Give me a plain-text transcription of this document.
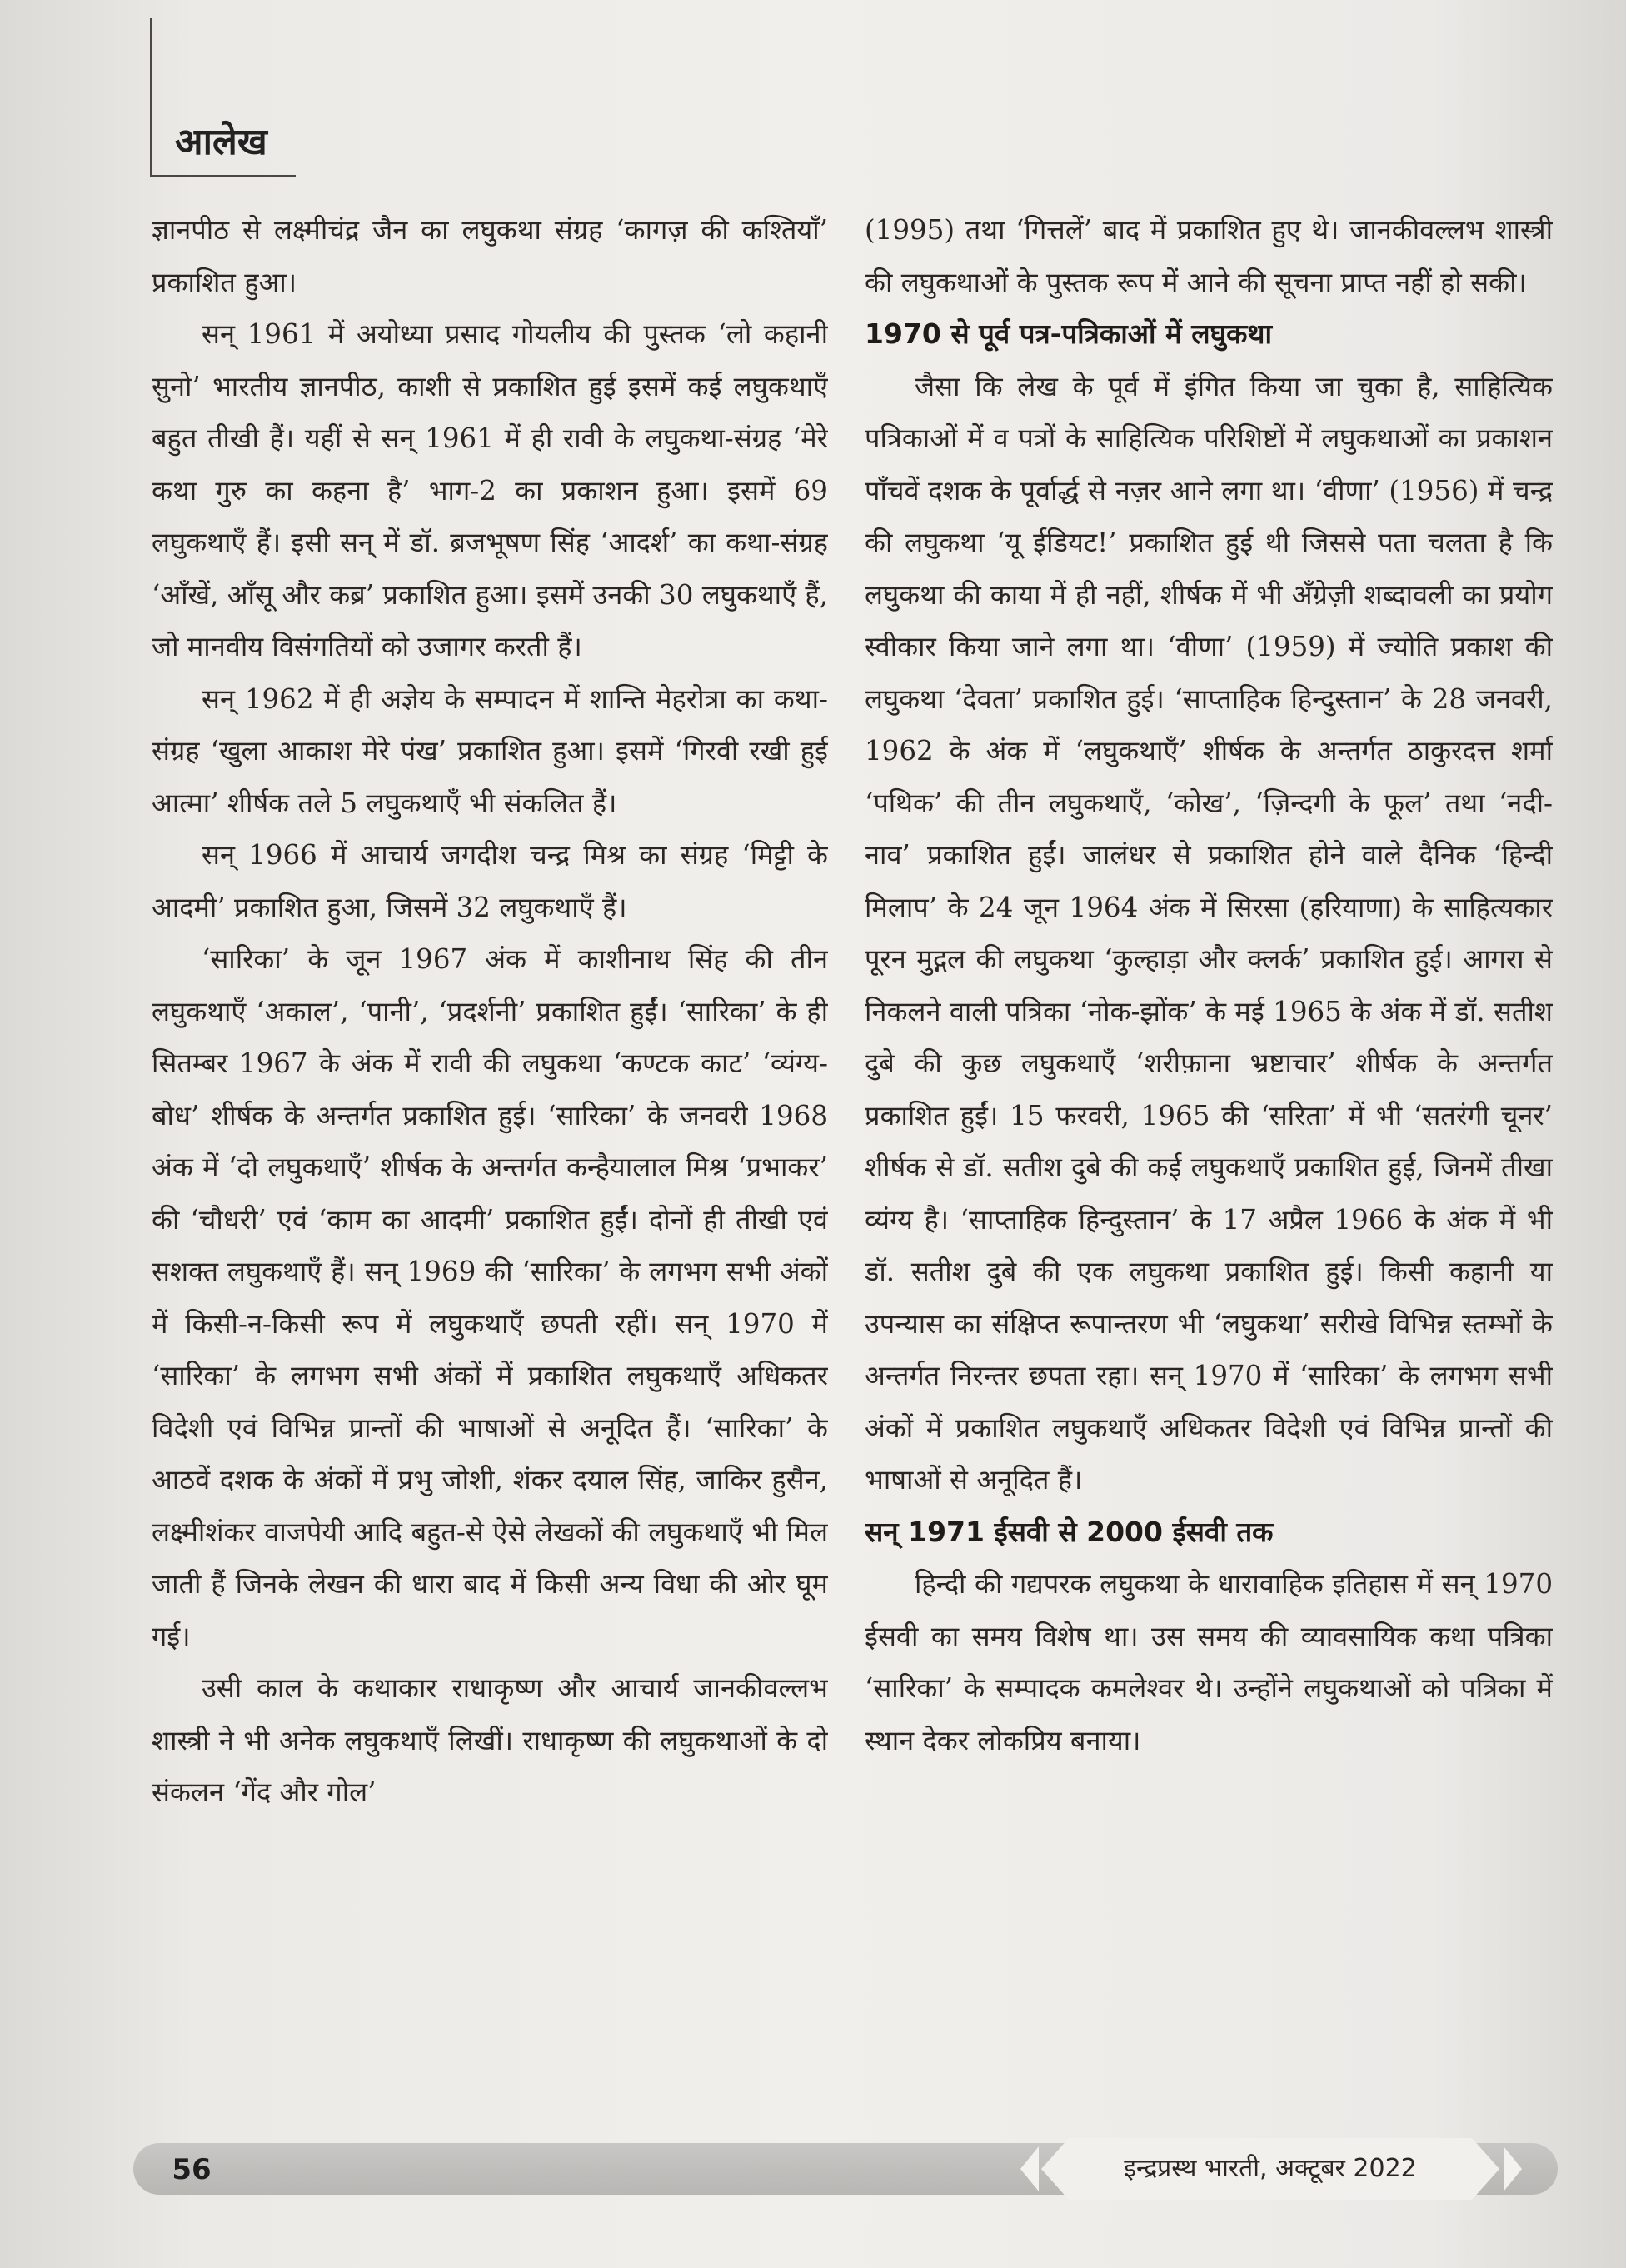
आलेख

ज्ञानपीठ से लक्ष्मीचंद्र जैन का लघुकथा संग्रह ‘कागज़ की कश्तियाँ’ प्रकाशित हुआ।

सन् 1961 में अयोध्या प्रसाद गोयलीय की पुस्तक ‘लो कहानी सुनो’ भारतीय ज्ञानपीठ, काशी से प्रकाशित हुई इसमें कई लघुकथाएँ बहुत तीखी हैं। यहीं से सन् 1961 में ही रावी के लघुकथा-संग्रह ‘मेरे कथा गुरु का कहना है’ भाग-2 का प्रकाशन हुआ। इसमें 69 लघुकथाएँ हैं। इसी सन् में डॉ. ब्रजभूषण सिंह ‘आदर्श’ का कथा-संग्रह ‘आँखें, आँसू और कब्र’ प्रकाशित हुआ। इसमें उनकी 30 लघुकथाएँ हैं, जो मानवीय विसंगतियों को उजागर करती हैं।

सन् 1962 में ही अज्ञेय के सम्पादन में शान्ति मेहरोत्रा का कथा-संग्रह ‘खुला आकाश मेरे पंख’ प्रकाशित हुआ। इसमें ‘गिरवी रखी हुई आत्मा’ शीर्षक तले 5 लघुकथाएँ भी संकलित हैं।

सन् 1966 में आचार्य जगदीश चन्द्र मिश्र का संग्रह ‘मिट्टी के आदमी’ प्रकाशित हुआ, जिसमें 32 लघुकथाएँ हैं।

‘सारिका’ के जून 1967 अंक में काशीनाथ सिंह की तीन लघुकथाएँ ‘अकाल’, ‘पानी’, ‘प्रदर्शनी’ प्रकाशित हुईं। ‘सारिका’ के ही सितम्बर 1967 के अंक में रावी की लघुकथा ‘कण्टक काट’ ‘व्यंग्य-बोध’ शीर्षक के अन्तर्गत प्रकाशित हुई। ‘सारिका’ के जनवरी 1968 अंक में ‘दो लघुकथाएँ’ शीर्षक के अन्तर्गत कन्हैयालाल मिश्र ‘प्रभाकर’ की ‘चौधरी’ एवं ‘काम का आदमी’ प्रकाशित हुईं। दोनों ही तीखी एवं सशक्त लघुकथाएँ हैं। सन् 1969 की ‘सारिका’ के लगभग सभी अंकों में किसी-न-किसी रूप में लघुकथाएँ छपती रहीं। सन् 1970 में ‘सारिका’ के लगभग सभी अंकों में प्रकाशित लघुकथाएँ अधिकतर विदेशी एवं विभिन्न प्रान्तों की भाषाओं से अनूदित हैं। ‘सारिका’ के आठवें दशक के अंकों में प्रभु जोशी, शंकर दयाल सिंह, जाकिर हुसैन, लक्ष्मीशंकर वाजपेयी आदि बहुत-से ऐसे लेखकों की लघुकथाएँ भी मिल जाती हैं जिनके लेखन की धारा बाद में किसी अन्य विधा की ओर घूम गई।

उसी काल के कथाकार राधाकृष्ण और आचार्य जानकीवल्लभ शास्त्री ने भी अनेक लघुकथाएँ लिखीं। राधाकृष्ण की लघुकथाओं के दो संकलन ‘गेंद और गोल’

(1995) तथा ‘गित्तलें’ बाद में प्रकाशित हुए थे। जानकीवल्लभ शास्त्री की लघुकथाओं के पुस्तक रूप में आने की सूचना प्राप्त नहीं हो सकी।

1970 से पूर्व पत्र-पत्रिकाओं में लघुकथा

जैसा कि लेख के पूर्व में इंगित किया जा चुका है, साहित्यिक पत्रिकाओं में व पत्रों के साहित्यिक परिशिष्टों में लघुकथाओं का प्रकाशन पाँचवें दशक के पूर्वार्द्ध से नज़र आने लगा था। ‘वीणा’ (1956) में चन्द्र की लघुकथा ‘यू ईडियट!’ प्रकाशित हुई थी जिससे पता चलता है कि लघुकथा की काया में ही नहीं, शीर्षक में भी अँग्रेज़ी शब्दावली का प्रयोग स्वीकार किया जाने लगा था। ‘वीणा’ (1959) में ज्योति प्रकाश की लघुकथा ‘देवता’ प्रकाशित हुई। ‘साप्ताहिक हिन्दुस्तान’ के 28 जनवरी, 1962 के अंक में ‘लघुकथाएँ’ शीर्षक के अन्तर्गत ठाकुरदत्त शर्मा ‘पथिक’ की तीन लघुकथाएँ, ‘कोख’, ‘ज़िन्दगी के फूल’ तथा ‘नदी-नाव’ प्रकाशित हुईं। जालंधर से प्रकाशित होने वाले दैनिक ‘हिन्दी मिलाप’ के 24 जून 1964 अंक में सिरसा (हरियाणा) के साहित्यकार पूरन मुद्गल की लघुकथा ‘कुल्हाड़ा और क्लर्क’ प्रकाशित हुई। आगरा से निकलने वाली पत्रिका ‘नोक-झोंक’ के मई 1965 के अंक में डॉ. सतीश दुबे की कुछ लघुकथाएँ ‘शरीफ़ाना भ्रष्टाचार’ शीर्षक के अन्तर्गत प्रकाशित हुईं। 15 फरवरी, 1965 की ‘सरिता’ में भी ‘सतरंगी चूनर’ शीर्षक से डॉ. सतीश दुबे की कई लघुकथाएँ प्रकाशित हुई, जिनमें तीखा व्यंग्य है। ‘साप्ताहिक हिन्दुस्तान’ के 17 अप्रैल 1966 के अंक में भी डॉ. सतीश दुबे की एक लघुकथा प्रकाशित हुई। किसी कहानी या उपन्यास का संक्षिप्त रूपान्तरण भी ‘लघुकथा’ सरीखे विभिन्न स्तम्भों के अन्तर्गत निरन्तर छपता रहा। सन् 1970 में ‘सारिका’ के लगभग सभी अंकों में प्रकाशित लघुकथाएँ अधिकतर विदेशी एवं विभिन्न प्रान्तों की भाषाओं से अनूदित हैं।

सन् 1971 ईसवी से 2000 ईसवी तक

हिन्दी की गद्यपरक लघुकथा के धारावाहिक इतिहास में सन् 1970 ईसवी का समय विशेष था। उस समय की व्यावसायिक कथा पत्रिका ‘सारिका’ के सम्पादक कमलेश्वर थे। उन्होंने लघुकथाओं को पत्रिका में स्थान देकर लोकप्रिय बनाया।

56	इन्द्रप्रस्थ भारती, अक्टूबर 2022
